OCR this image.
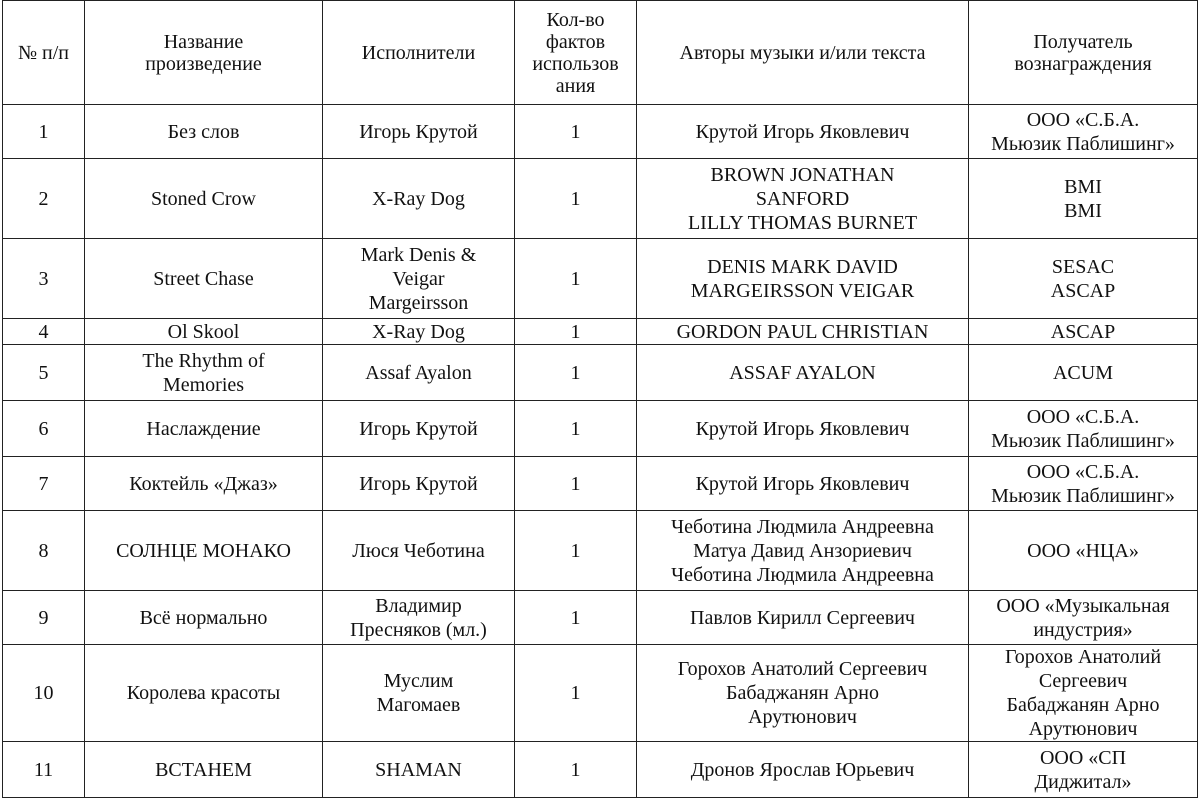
№ п/п	Название
произведение	Исполнители	Кол-во
фактов
использов
ания	Авторы музыки и/или текста	Получатель
вознаграждения

1	Без слов	Игорь Крутой	1	Крутой Игорь Яковлевич	ООО «С.Б.А.
Мьюзик Паблишинг»

2	Stoned Crow	X-Ray Dog	1	BROWN JONATHAN
SANFORD
LILLY THOMAS BURNET	BMI
BMI

3	Street Chase	Mark Denis &
Veigar
Margeirsson	1	DENIS MARK DAVID
MARGEIRSSON VEIGAR	SESAC
ASCAP

4	Ol Skool	X-Ray Dog	1	GORDON PAUL CHRISTIAN	ASCAP

5	The Rhythm of
Memories	Assaf Ayalon	1	ASSAF AYALON	ACUM

6	Наслаждение	Игорь Крутой	1	Крутой Игорь Яковлевич	ООО «С.Б.А.
Мьюзик Паблишинг»

7	Коктейль «Джаз»	Игорь Крутой	1	Крутой Игорь Яковлевич	ООО «С.Б.А.
Мьюзик Паблишинг»

8	СОЛНЦЕ МОНАКО	Люся Чеботина	1	Чеботина Людмила Андреевна
Матуа Давид Анзориевич
Чеботина Людмила Андреевна	ООО «НЦА»

9	Всё нормально	Владимир
Пресняков (мл.)	1	Павлов Кирилл Сергеевич	ООО «Музыкальная
индустрия»

10	Королева красоты	Муслим
Магомаев	1	Горохов Анатолий Сергеевич
Бабаджанян Арно
Арутюнович	Горохов Анатолий
Сергеевич
Бабаджанян Арно
Арутюнович

11	ВСТАНЕМ	SHAMAN	1	Дронов Ярослав Юрьевич	ООО «СП
Диджитал»
